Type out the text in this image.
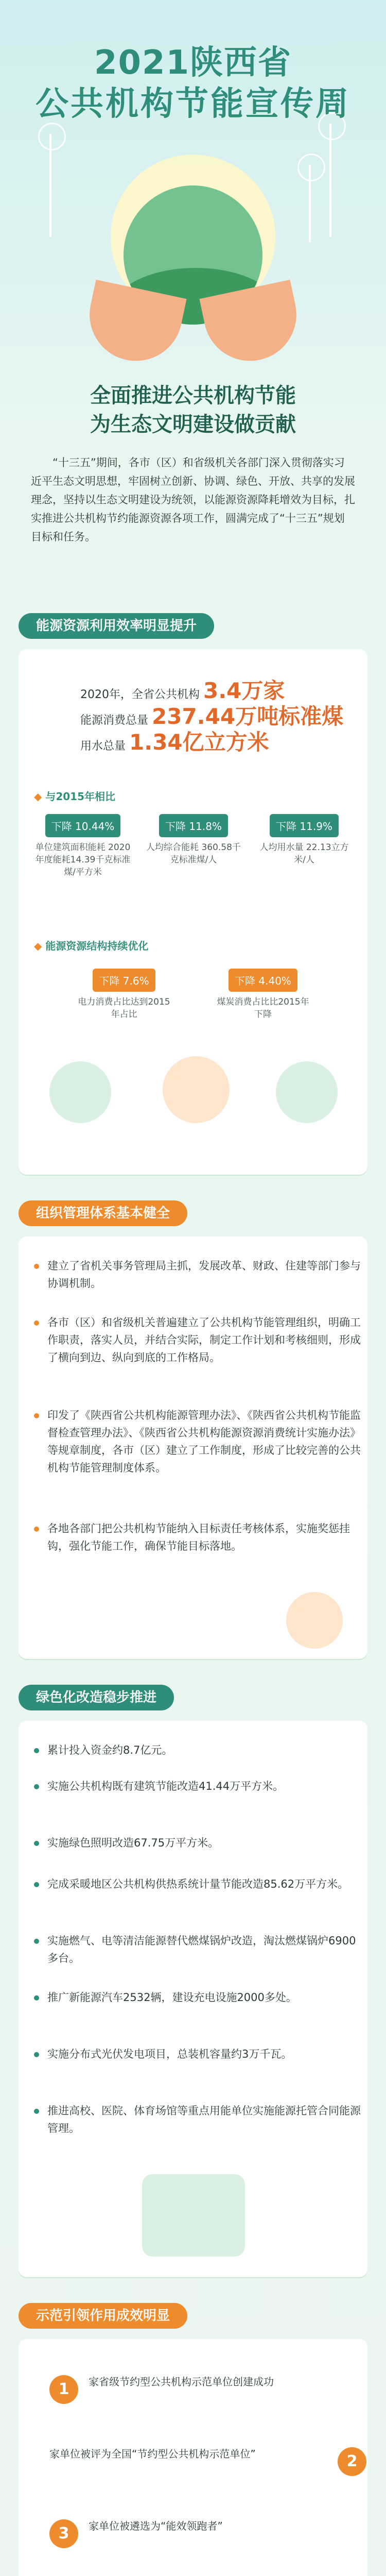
2021陕西省
公共机构节能宣传周
全面推进公共机构节能
为生态文明建设做贡献
“十三五”期间，各市（区）和省级机关各部门深入贯彻落实习近平生态文明思想，牢固树立创新、协调、绿色、开放、共享的发展理念，坚持以生态文明建设为统领，以能源资源降耗增效为目标，扎实推进公共机构节约能源资源各项工作，圆满完成了“十三五”规划目标和任务。
能源资源利用效率明显提升
2020年，全省公共机构 3.4万家
能源消费总量 237.44万吨标准煤
用水总量 1.34亿立方米
◆ 与2015年相比
下降 10.44%
单位建筑面积能耗 2020年度能耗14.39千克标准煤/平方米
下降 11.8%
人均综合能耗 360.58千克标准煤/人
下降 11.9%
人均用水量 22.13立方米/人
◆ 能源资源结构持续优化
下降 7.6%
电力消费占比达到2015年占比
下降 4.40%
煤炭消费占比比2015年下降
组织管理体系基本健全
建立了省机关事务管理局主抓，发展改革、财政、住建等部门参与协调机制。
各市（区）和省级机关普遍建立了公共机构节能管理组织，明确工作职责，落实人员，并结合实际，制定工作计划和考核细则，形成了横向到边、纵向到底的工作格局。
印发了《陕西省公共机构能源管理办法》、《陕西省公共机构节能监督检查管理办法》、《陕西省公共机构能源资源消费统计实施办法》等规章制度，各市（区）建立了工作制度，形成了比较完善的公共机构节能管理制度体系。
各地各部门把公共机构节能纳入目标责任考核体系，实施奖惩挂钩，强化节能工作，确保节能目标落地。
绿色化改造稳步推进
累计投入资金约8.7亿元。
实施公共机构既有建筑节能改造41.44万平方米。
实施绿色照明改造67.75万平方米。
完成采暖地区公共机构供热系统计量节能改造85.62万平方米。
实施燃气、电等清洁能源替代燃煤锅炉改造，淘汰燃煤锅炉6900多台。
推广新能源汽车2532辆，建设充电设施2000多处。
实施分布式光伏发电项目，总装机容量约3万千瓦。
推进高校、医院、体育场馆等重点用能单位实施能源托管合同能源管理。
示范引领作用成效明显
1	家省级节约型公共机构示范单位创建成功
家单位被评为全国“节约型公共机构示范单位”	2
3	家单位被遴选为“能效领跑者”
